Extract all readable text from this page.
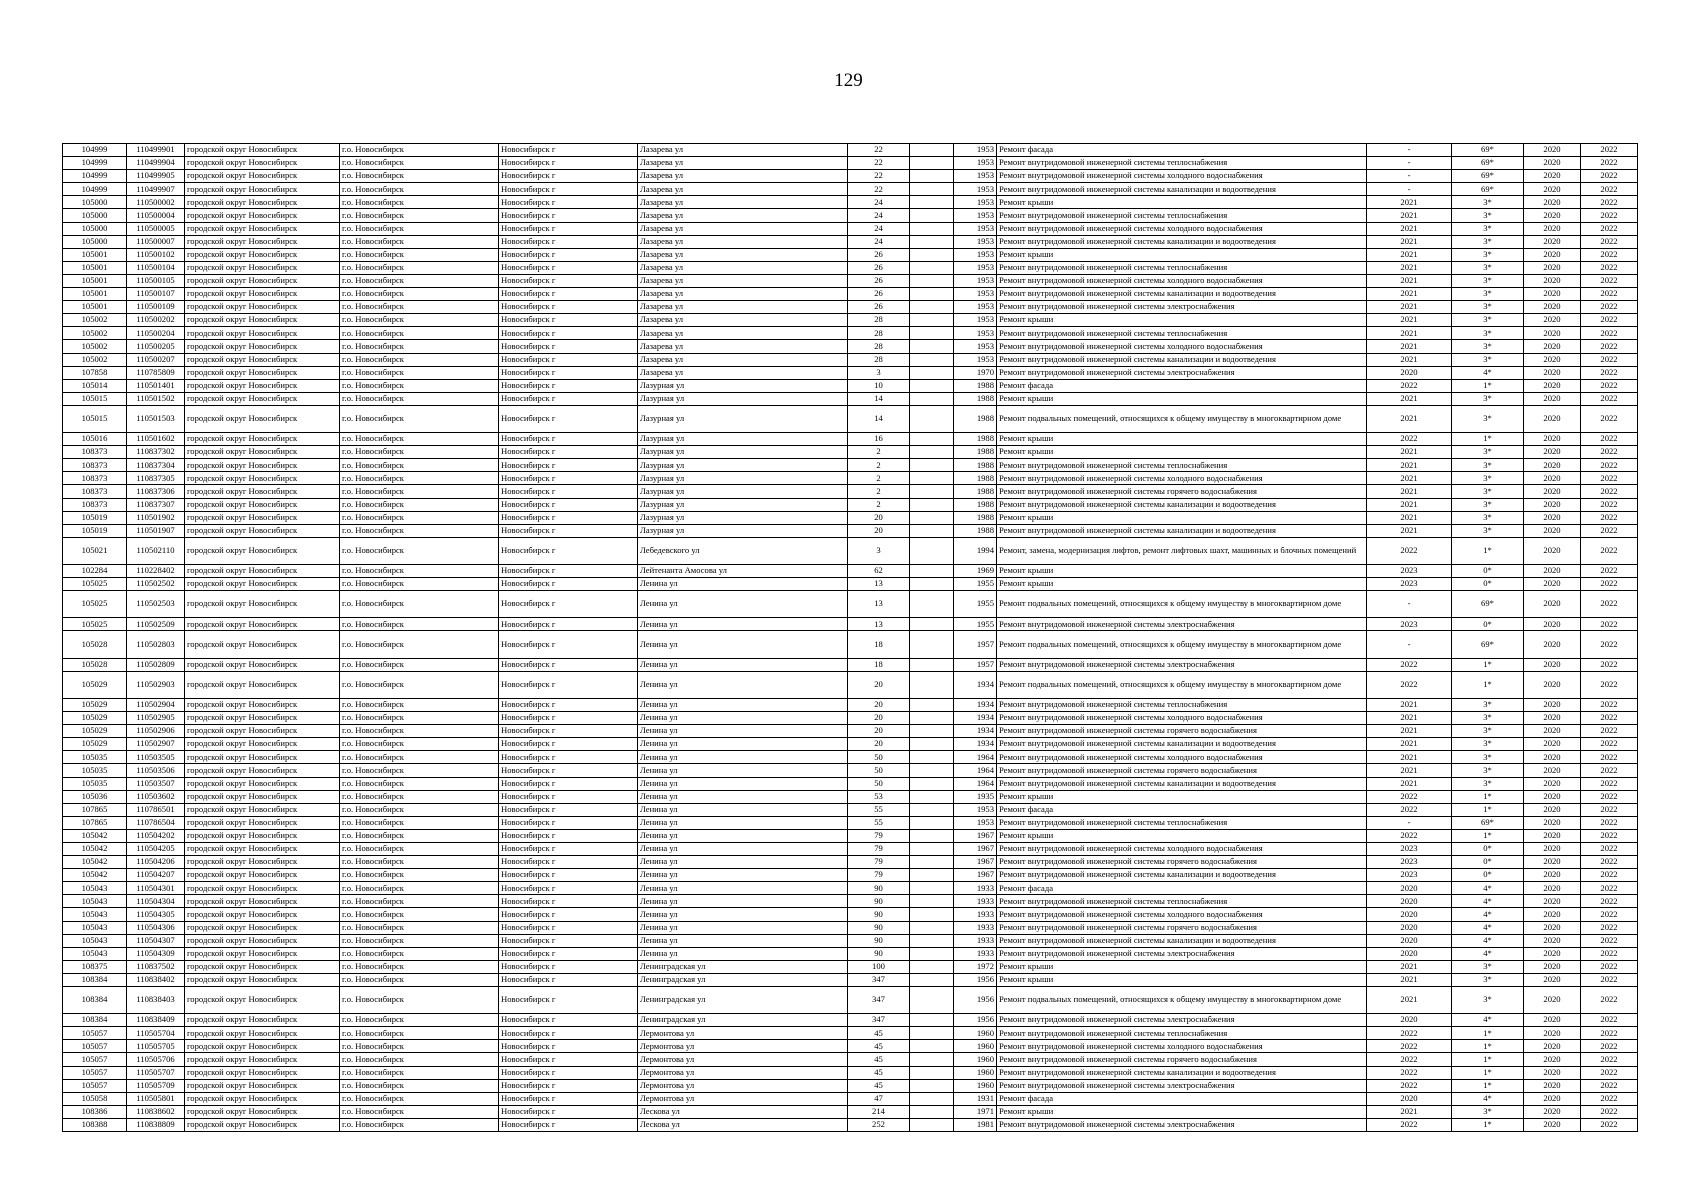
129
104999	110499901	городской округ Новосибирск	г.о. Новосибирск	Новосибирск г	Лазарева ул	22		1953	Ремонт фасада	-	69*	2020	2022
104999	110499904	городской округ Новосибирск	г.о. Новосибирск	Новосибирск г	Лазарева ул	22		1953	Ремонт внутридомовой инженерной системы теплоснабжения	-	69*	2020	2022
104999	110499905	городской округ Новосибирск	г.о. Новосибирск	Новосибирск г	Лазарева ул	22		1953	Ремонт внутридомовой инженерной системы холодного водоснабжения	-	69*	2020	2022
104999	110499907	городской округ Новосибирск	г.о. Новосибирск	Новосибирск г	Лазарева ул	22		1953	Ремонт внутридомовой инженерной системы канализации и водоотведения	-	69*	2020	2022
105000	110500002	городской округ Новосибирск	г.о. Новосибирск	Новосибирск г	Лазарева ул	24		1953	Ремонт крыши	2021	3*	2020	2022
105000	110500004	городской округ Новосибирск	г.о. Новосибирск	Новосибирск г	Лазарева ул	24		1953	Ремонт внутридомовой инженерной системы теплоснабжения	2021	3*	2020	2022
105000	110500005	городской округ Новосибирск	г.о. Новосибирск	Новосибирск г	Лазарева ул	24		1953	Ремонт внутридомовой инженерной системы холодного водоснабжения	2021	3*	2020	2022
105000	110500007	городской округ Новосибирск	г.о. Новосибирск	Новосибирск г	Лазарева ул	24		1953	Ремонт внутридомовой инженерной системы канализации и водоотведения	2021	3*	2020	2022
105001	110500102	городской округ Новосибирск	г.о. Новосибирск	Новосибирск г	Лазарева ул	26		1953	Ремонт крыши	2021	3*	2020	2022
105001	110500104	городской округ Новосибирск	г.о. Новосибирск	Новосибирск г	Лазарева ул	26		1953	Ремонт внутридомовой инженерной системы теплоснабжения	2021	3*	2020	2022
105001	110500105	городской округ Новосибирск	г.о. Новосибирск	Новосибирск г	Лазарева ул	26		1953	Ремонт внутридомовой инженерной системы холодного водоснабжения	2021	3*	2020	2022
105001	110500107	городской округ Новосибирск	г.о. Новосибирск	Новосибирск г	Лазарева ул	26		1953	Ремонт внутридомовой инженерной системы канализации и водоотведения	2021	3*	2020	2022
105001	110500109	городской округ Новосибирск	г.о. Новосибирск	Новосибирск г	Лазарева ул	26		1953	Ремонт внутридомовой инженерной системы электроснабжения	2021	3*	2020	2022
105002	110500202	городской округ Новосибирск	г.о. Новосибирск	Новосибирск г	Лазарева ул	28		1953	Ремонт крыши	2021	3*	2020	2022
105002	110500204	городской округ Новосибирск	г.о. Новосибирск	Новосибирск г	Лазарева ул	28		1953	Ремонт внутридомовой инженерной системы теплоснабжения	2021	3*	2020	2022
105002	110500205	городской округ Новосибирск	г.о. Новосибирск	Новосибирск г	Лазарева ул	28		1953	Ремонт внутридомовой инженерной системы холодного водоснабжения	2021	3*	2020	2022
105002	110500207	городской округ Новосибирск	г.о. Новосибирск	Новосибирск г	Лазарева ул	28		1953	Ремонт внутридомовой инженерной системы канализации и водоотведения	2021	3*	2020	2022
107858	110785809	городской округ Новосибирск	г.о. Новосибирск	Новосибирск г	Лазарева ул	3		1970	Ремонт внутридомовой инженерной системы электроснабжения	2020	4*	2020	2022
105014	110501401	городской округ Новосибирск	г.о. Новосибирск	Новосибирск г	Лазурная ул	10		1988	Ремонт фасада	2022	1*	2020	2022
105015	110501502	городской округ Новосибирск	г.о. Новосибирск	Новосибирск г	Лазурная ул	14		1988	Ремонт крыши	2021	3*	2020	2022
105015	110501503	городской округ Новосибирск	г.о. Новосибирск	Новосибирск г	Лазурная ул	14		1988	Ремонт подвальных помещений, относящихся к общему имуществу в многоквартирном доме	2021	3*	2020	2022
105016	110501602	городской округ Новосибирск	г.о. Новосибирск	Новосибирск г	Лазурная ул	16		1988	Ремонт крыши	2022	1*	2020	2022
108373	110837302	городской округ Новосибирск	г.о. Новосибирск	Новосибирск г	Лазурная ул	2		1988	Ремонт крыши	2021	3*	2020	2022
108373	110837304	городской округ Новосибирск	г.о. Новосибирск	Новосибирск г	Лазурная ул	2		1988	Ремонт внутридомовой инженерной системы теплоснабжения	2021	3*	2020	2022
108373	110837305	городской округ Новосибирск	г.о. Новосибирск	Новосибирск г	Лазурная ул	2		1988	Ремонт внутридомовой инженерной системы холодного водоснабжения	2021	3*	2020	2022
108373	110837306	городской округ Новосибирск	г.о. Новосибирск	Новосибирск г	Лазурная ул	2		1988	Ремонт внутридомовой инженерной системы горячего водоснабжения	2021	3*	2020	2022
108373	110837307	городской округ Новосибирск	г.о. Новосибирск	Новосибирск г	Лазурная ул	2		1988	Ремонт внутридомовой инженерной системы канализации и водоотведения	2021	3*	2020	2022
105019	110501902	городской округ Новосибирск	г.о. Новосибирск	Новосибирск г	Лазурная ул	20		1988	Ремонт крыши	2021	3*	2020	2022
105019	110501907	городской округ Новосибирск	г.о. Новосибирск	Новосибирск г	Лазурная ул	20		1988	Ремонт внутридомовой инженерной системы канализации и водоотведения	2021	3*	2020	2022
105021	110502110	городской округ Новосибирск	г.о. Новосибирск	Новосибирск г	Лебедевского ул	3		1994	Ремонт, замена, модернизация лифтов, ремонт лифтовых шахт, машинных и блочных помещений	2022	1*	2020	2022
102284	110228402	городской округ Новосибирск	г.о. Новосибирск	Новосибирск г	Лейтенанта Амосова ул	62		1969	Ремонт крыши	2023	0*	2020	2022
105025	110502502	городской округ Новосибирск	г.о. Новосибирск	Новосибирск г	Ленина ул	13		1955	Ремонт крыши	2023	0*	2020	2022
105025	110502503	городской округ Новосибирск	г.о. Новосибирск	Новосибирск г	Ленина ул	13		1955	Ремонт подвальных помещений, относящихся к общему имуществу в многоквартирном доме	-	69*	2020	2022
105025	110502509	городской округ Новосибирск	г.о. Новосибирск	Новосибирск г	Ленина ул	13		1955	Ремонт внутридомовой инженерной системы электроснабжения	2023	0*	2020	2022
105028	110502803	городской округ Новосибирск	г.о. Новосибирск	Новосибирск г	Ленина ул	18		1957	Ремонт подвальных помещений, относящихся к общему имуществу в многоквартирном доме	-	69*	2020	2022
105028	110502809	городской округ Новосибирск	г.о. Новосибирск	Новосибирск г	Ленина ул	18		1957	Ремонт внутридомовой инженерной системы электроснабжения	2022	1*	2020	2022
105029	110502903	городской округ Новосибирск	г.о. Новосибирск	Новосибирск г	Ленина ул	20		1934	Ремонт подвальных помещений, относящихся к общему имуществу в многоквартирном доме	2022	1*	2020	2022
105029	110502904	городской округ Новосибирск	г.о. Новосибирск	Новосибирск г	Ленина ул	20		1934	Ремонт внутридомовой инженерной системы теплоснабжения	2021	3*	2020	2022
105029	110502905	городской округ Новосибирск	г.о. Новосибирск	Новосибирск г	Ленина ул	20		1934	Ремонт внутридомовой инженерной системы холодного водоснабжения	2021	3*	2020	2022
105029	110502906	городской округ Новосибирск	г.о. Новосибирск	Новосибирск г	Ленина ул	20		1934	Ремонт внутридомовой инженерной системы горячего водоснабжения	2021	3*	2020	2022
105029	110502907	городской округ Новосибирск	г.о. Новосибирск	Новосибирск г	Ленина ул	20		1934	Ремонт внутридомовой инженерной системы канализации и водоотведения	2021	3*	2020	2022
105035	110503505	городской округ Новосибирск	г.о. Новосибирск	Новосибирск г	Ленина ул	50		1964	Ремонт внутридомовой инженерной системы холодного водоснабжения	2021	3*	2020	2022
105035	110503506	городской округ Новосибирск	г.о. Новосибирск	Новосибирск г	Ленина ул	50		1964	Ремонт внутридомовой инженерной системы горячего водоснабжения	2021	3*	2020	2022
105035	110503507	городской округ Новосибирск	г.о. Новосибирск	Новосибирск г	Ленина ул	50		1964	Ремонт внутридомовой инженерной системы канализации и водоотведения	2021	3*	2020	2022
105036	110503602	городской округ Новосибирск	г.о. Новосибирск	Новосибирск г	Ленина ул	53		1935	Ремонт крыши	2022	1*	2020	2022
107865	110786501	городской округ Новосибирск	г.о. Новосибирск	Новосибирск г	Ленина ул	55		1953	Ремонт фасада	2022	1*	2020	2022
107865	110786504	городской округ Новосибирск	г.о. Новосибирск	Новосибирск г	Ленина ул	55		1953	Ремонт внутридомовой инженерной системы теплоснабжения	-	69*	2020	2022
105042	110504202	городской округ Новосибирск	г.о. Новосибирск	Новосибирск г	Ленина ул	79		1967	Ремонт крыши	2022	1*	2020	2022
105042	110504205	городской округ Новосибирск	г.о. Новосибирск	Новосибирск г	Ленина ул	79		1967	Ремонт внутридомовой инженерной системы холодного водоснабжения	2023	0*	2020	2022
105042	110504206	городской округ Новосибирск	г.о. Новосибирск	Новосибирск г	Ленина ул	79		1967	Ремонт внутридомовой инженерной системы горячего водоснабжения	2023	0*	2020	2022
105042	110504207	городской округ Новосибирск	г.о. Новосибирск	Новосибирск г	Ленина ул	79		1967	Ремонт внутридомовой инженерной системы канализации и водоотведения	2023	0*	2020	2022
105043	110504301	городской округ Новосибирск	г.о. Новосибирск	Новосибирск г	Ленина ул	90		1933	Ремонт фасада	2020	4*	2020	2022
105043	110504304	городской округ Новосибирск	г.о. Новосибирск	Новосибирск г	Ленина ул	90		1933	Ремонт внутридомовой инженерной системы теплоснабжения	2020	4*	2020	2022
105043	110504305	городской округ Новосибирск	г.о. Новосибирск	Новосибирск г	Ленина ул	90		1933	Ремонт внутридомовой инженерной системы холодного водоснабжения	2020	4*	2020	2022
105043	110504306	городской округ Новосибирск	г.о. Новосибирск	Новосибирск г	Ленина ул	90		1933	Ремонт внутридомовой инженерной системы горячего водоснабжения	2020	4*	2020	2022
105043	110504307	городской округ Новосибирск	г.о. Новосибирск	Новосибирск г	Ленина ул	90		1933	Ремонт внутридомовой инженерной системы канализации и водоотведения	2020	4*	2020	2022
105043	110504309	городской округ Новосибирск	г.о. Новосибирск	Новосибирск г	Ленина ул	90		1933	Ремонт внутридомовой инженерной системы электроснабжения	2020	4*	2020	2022
108375	110837502	городской округ Новосибирск	г.о. Новосибирск	Новосибирск г	Ленинградская ул	100		1972	Ремонт крыши	2021	3*	2020	2022
108384	110838402	городской округ Новосибирск	г.о. Новосибирск	Новосибирск г	Ленинградская ул	347		1956	Ремонт крыши	2021	3*	2020	2022
108384	110838403	городской округ Новосибирск	г.о. Новосибирск	Новосибирск г	Ленинградская ул	347		1956	Ремонт подвальных помещений, относящихся к общему имуществу в многоквартирном доме	2021	3*	2020	2022
108384	110838409	городской округ Новосибирск	г.о. Новосибирск	Новосибирск г	Ленинградская ул	347		1956	Ремонт внутридомовой инженерной системы электроснабжения	2020	4*	2020	2022
105057	110505704	городской округ Новосибирск	г.о. Новосибирск	Новосибирск г	Лермонтова ул	45		1960	Ремонт внутридомовой инженерной системы теплоснабжения	2022	1*	2020	2022
105057	110505705	городской округ Новосибирск	г.о. Новосибирск	Новосибирск г	Лермонтова ул	45		1960	Ремонт внутридомовой инженерной системы холодного водоснабжения	2022	1*	2020	2022
105057	110505706	городской округ Новосибирск	г.о. Новосибирск	Новосибирск г	Лермонтова ул	45		1960	Ремонт внутридомовой инженерной системы горячего водоснабжения	2022	1*	2020	2022
105057	110505707	городской округ Новосибирск	г.о. Новосибирск	Новосибирск г	Лермонтова ул	45		1960	Ремонт внутридомовой инженерной системы канализации и водоотведения	2022	1*	2020	2022
105057	110505709	городской округ Новосибирск	г.о. Новосибирск	Новосибирск г	Лермонтова ул	45		1960	Ремонт внутридомовой инженерной системы электроснабжения	2022	1*	2020	2022
105058	110505801	городской округ Новосибирск	г.о. Новосибирск	Новосибирск г	Лермонтова ул	47		1931	Ремонт фасада	2020	4*	2020	2022
108386	110838602	городской округ Новосибирск	г.о. Новосибирск	Новосибирск г	Лескова ул	214		1971	Ремонт крыши	2021	3*	2020	2022
108388	110838809	городской округ Новосибирск	г.о. Новосибирск	Новосибирск г	Лескова ул	252		1981	Ремонт внутридомовой инженерной системы электроснабжения	2022	1*	2020	2022
